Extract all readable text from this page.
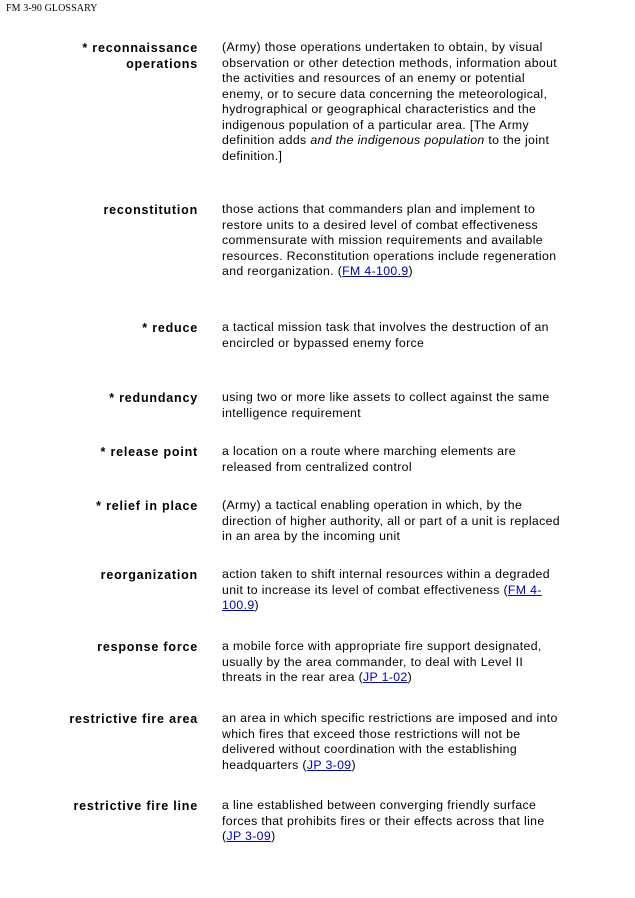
FM 3-90 GLOSSARY
* reconnaissance
operations
(Army) those operations undertaken to obtain, by visual observation or other detection methods, information about the activities and resources of an enemy or potential enemy, or to secure data concerning the meteorological, hydrographical or geographical characteristics and the indigenous population of a particular area. [The Army definition adds and the indigenous population to the joint definition.]
reconstitution those actions that commanders plan and implement to restore units to a desired level of combat effectiveness commensurate with mission requirements and available resources. Reconstitution operations include regeneration and reorganization. (FM 4-100.9)
* reduce a tactical mission task that involves the destruction of an encircled or bypassed enemy force
* redundancy using two or more like assets to collect against the same intelligence requirement
* release point a location on a route where marching elements are released from centralized control
* relief in place (Army) a tactical enabling operation in which, by the direction of higher authority, all or part of a unit is replaced in an area by the incoming unit
reorganization action taken to shift internal resources within a degraded unit to increase its level of combat effectiveness (FM 4-100.9)
response force a mobile force with appropriate fire support designated, usually by the area commander, to deal with Level II threats in the rear area (JP 1-02)
restrictive fire area an area in which specific restrictions are imposed and into which fires that exceed those restrictions will not be delivered without coordination with the establishing headquarters (JP 3-09)
restrictive fire line a line established between converging friendly surface forces that prohibits fires or their effects across that line (JP 3-09)
